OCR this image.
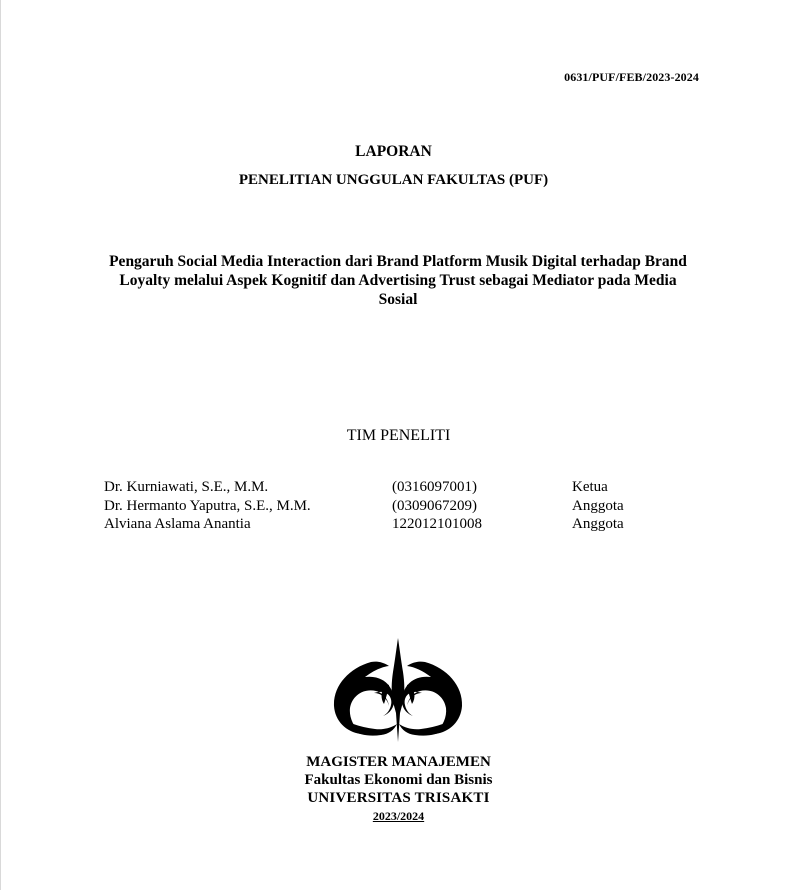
0631/PUF/FEB/2023-2024
LAPORAN
PENELITIAN UNGGULAN FAKULTAS (PUF)
Pengaruh Social Media Interaction dari Brand Platform Musik Digital terhadap Brand
Loyalty melalui Aspek Kognitif dan Advertising Trust sebagai Mediator pada Media
Sosial
TIM PENELITI
Dr. Kurniawati, S.E., M.M.	(0316097001)	Ketua
Dr. Hermanto Yaputra, S.E., M.M.	(0309067209)	Anggota
Alviana Aslama Anantia	122012101008	Anggota
MAGISTER MANAJEMEN
Fakultas Ekonomi dan Bisnis
UNIVERSITAS TRISAKTI
2023/2024
